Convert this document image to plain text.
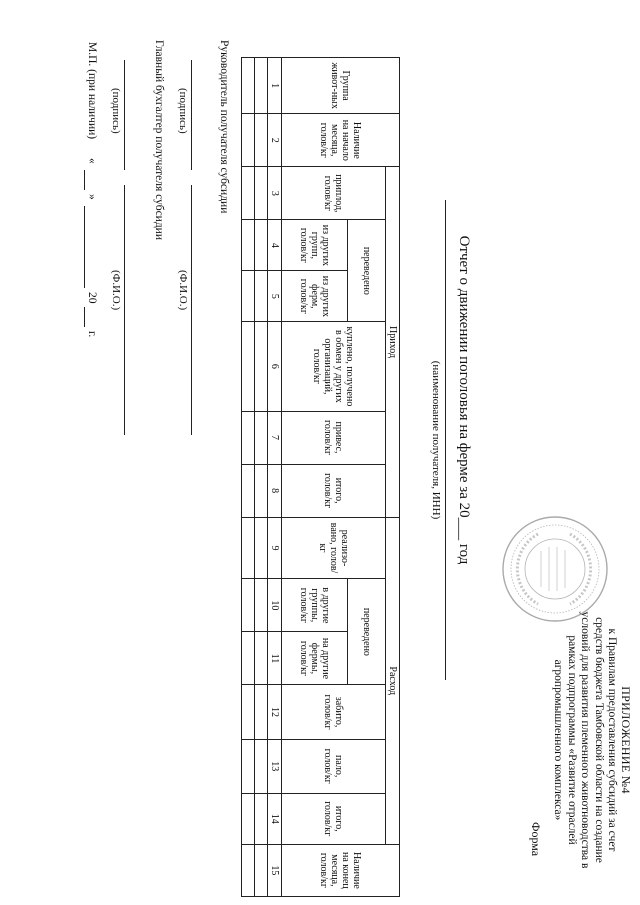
ПРИЛОЖЕНИЕ №4
к Правилам предоставления субсидий за счет
средств бюджета Тамбовской области на создание
условий для развития племенного животноводства в
рамках подпрограммы «Развитие отраслей
агропромышленного комплекса»
Форма
Отчет о движении поголовья на ферме за 20___ год
(наименование получателя, ИНН)
Группа живот-ных	Наличие на начало месяца, голов/кг	Приход						Расход						Наличие на конец месяца, голов/кг
		приплод, голов/кг	переведено		куплено, получено в обмен у других организаций, голов/кг	привес, голов/кг	итого, голов/кг	реализо-вано, голов/кг	переведено		забито, голов/кг	пало, голов/кг	итого, голов/кг	
			из других групп, голов/кг	из других ферм, голов/кг					в другие группы, голов/кг	на другие фермы, голов/кг				
1	2	3	4	5	6	7	8	9	10	11	12	13	14	15

Руководитель получателя субсидии
(подпись)
(Ф.И.О.)
Главный бухгалтер получателя субсидии
(подпись)
(Ф.И.О.)
М.П. (при наличии)
«
»
20
г.
